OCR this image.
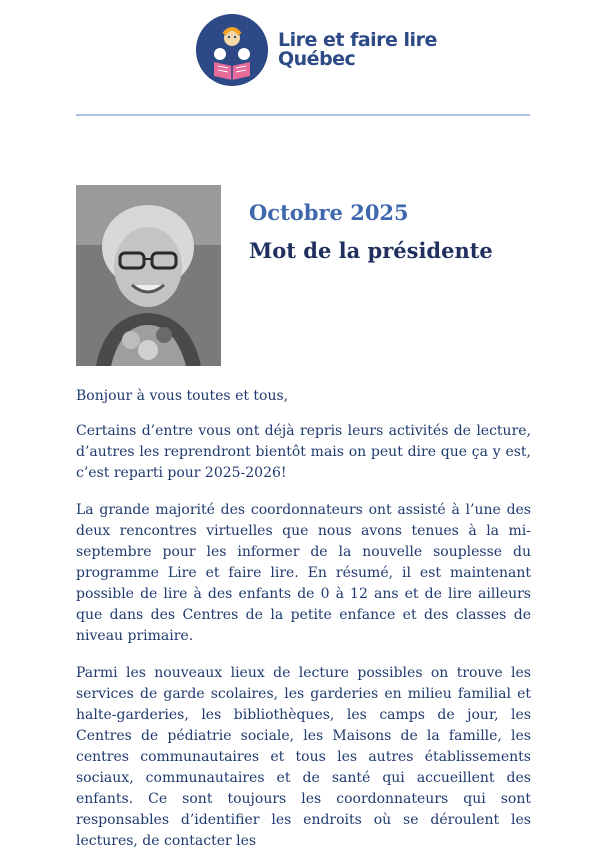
Lire et faire lire
Québec
Octobre 2025
Mot de la présidente

Bonjour à vous toutes et tous,

Certains d’entre vous ont déjà repris leurs activités de lecture, d’autres les reprendront bientôt mais on peut dire que ça y est, c’est reparti pour 2025-2026!

La grande majorité des coordonnateurs ont assisté à l’une des deux rencontres virtuelles que nous avons tenues à la mi-septembre pour les informer de la nouvelle souplesse du programme Lire et faire lire. En résumé, il est maintenant possible de lire à des enfants de 0 à 12 ans et de lire ailleurs que dans des Centres de la petite enfance et des classes de niveau primaire.

Parmi les nouveaux lieux de lecture possibles on trouve les services de garde scolaires, les garderies en milieu familial et halte-garderies, les bibliothèques, les camps de jour, les Centres de pédiatrie sociale, les Maisons de la famille, les centres communautaires et tous les autres établissements sociaux, communautaires et de santé qui accueillent des enfants. Ce sont toujours les coordonnateurs qui sont responsables d’identifier les endroits où se déroulent les lectures, de contacter les
